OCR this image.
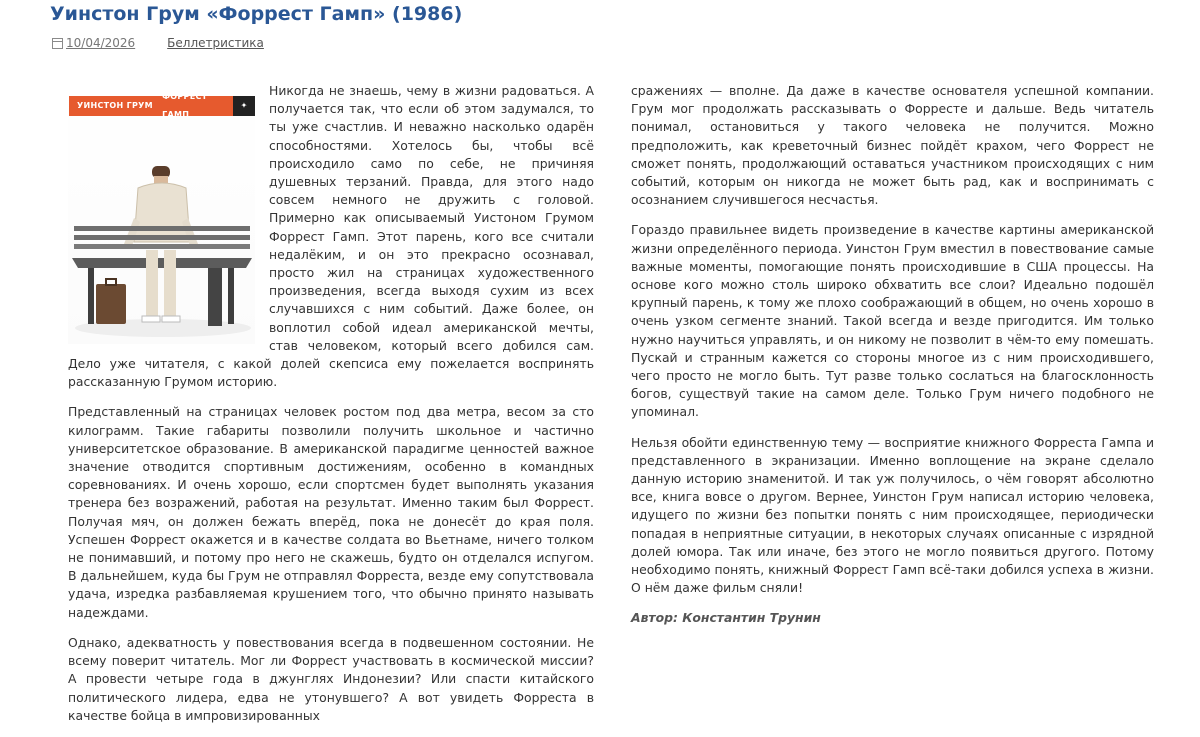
Уинстон Грум «Форрест Гамп» (1986)
10/04/2026	Беллетристика
УИНСТОН ГРУМ
ФОРРЕСТ ГАМП
✦

Никогда не знаешь, чему в жизни радоваться. А получается так, что если об этом задумался, то ты уже счастлив. И неважно насколько одарён способностями. Хотелось бы, чтобы всё происходило само по себе, не причиняя душевных терзаний. Правда, для этого надо совсем немного не дружить с головой. Примерно как описываемый Уистоном Грумом Форрест Гамп. Этот парень, кого все считали недалёким, и он это прекрасно осознавал, просто жил на страницах художественного произведения, всегда выходя сухим из всех случавшихся с ним событий. Даже более, он воплотил собой идеал американской мечты, став человеком, который всего добился сам. Дело уже читателя, с какой долей скепсиса ему пожелается воспринять рассказанную Грумом историю.

Представленный на страницах человек ростом под два метра, весом за сто килограмм. Такие габариты позволили получить школьное и частично университетское образование. В американской парадигме ценностей важное значение отводится спортивным достижениям, особенно в командных соревнованиях. И очень хорошо, если спортсмен будет выполнять указания тренера без возражений, работая на результат. Именно таким был Форрест. Получая мяч, он должен бежать вперёд, пока не донесёт до края поля. Успешен Форрест окажется и в качестве солдата во Вьетнаме, ничего толком не понимавший, и потому про него не скажешь, будто он отделался испугом. В дальнейшем, куда бы Грум не отправлял Форреста, везде ему сопутствовала удача, изредка разбавляемая крушением того, что обычно принято называть надеждами.

Однако, адекватность у повествования всегда в подвешенном состоянии. Не всему поверит читатель. Мог ли Форрест участвовать в космической миссии? А провести четыре года в джунглях Индонезии? Или спасти китайского политического лидера, едва не утонувшего? А вот увидеть Форреста в качестве бойца в импровизированных

сражениях — вполне. Да даже в качестве основателя успешной компании. Грум мог продолжать рассказывать о Форресте и дальше. Ведь читатель понимал, остановиться у такого человека не получится. Можно предположить, как креветочный бизнес пойдёт крахом, чего Форрест не сможет понять, продолжающий оставаться участником происходящих с ним событий, которым он никогда не может быть рад, как и воспринимать с осознанием случившегося несчастья.

Гораздо правильнее видеть произведение в качестве картины американской жизни определённого периода. Уинстон Грум вместил в повествование самые важные моменты, помогающие понять происходившие в США процессы. На основе кого можно столь широко обхватить все слои? Идеально подошёл крупный парень, к тому же плохо соображающий в общем, но очень хорошо в очень узком сегменте знаний. Такой всегда и везде пригодится. Им только нужно научиться управлять, и он никому не позволит в чём-то ему помешать. Пускай и странным кажется со стороны многое из с ним происходившего, чего просто не могло быть. Тут разве только сослаться на благосклонность богов, существуй такие на самом деле. Только Грум ничего подобного не упоминал.

Нельзя обойти единственную тему — восприятие книжного Форреста Гампа и представленного в экранизации. Именно воплощение на экране сделало данную историю знаменитой. И так уж получилось, о чём говорят абсолютно все, книга вовсе о другом. Вернее, Уинстон Грум написал историю человека, идущего по жизни без попытки понять с ним происходящее, периодически попадая в неприятные ситуации, в некоторых случаях описанные с изрядной долей юмора. Так или иначе, без этого не могло появиться другого. Потому необходимо понять, книжный Форрест Гамп всё-таки добился успеха в жизни. О нём даже фильм сняли!

Автор: Константин Трунин
